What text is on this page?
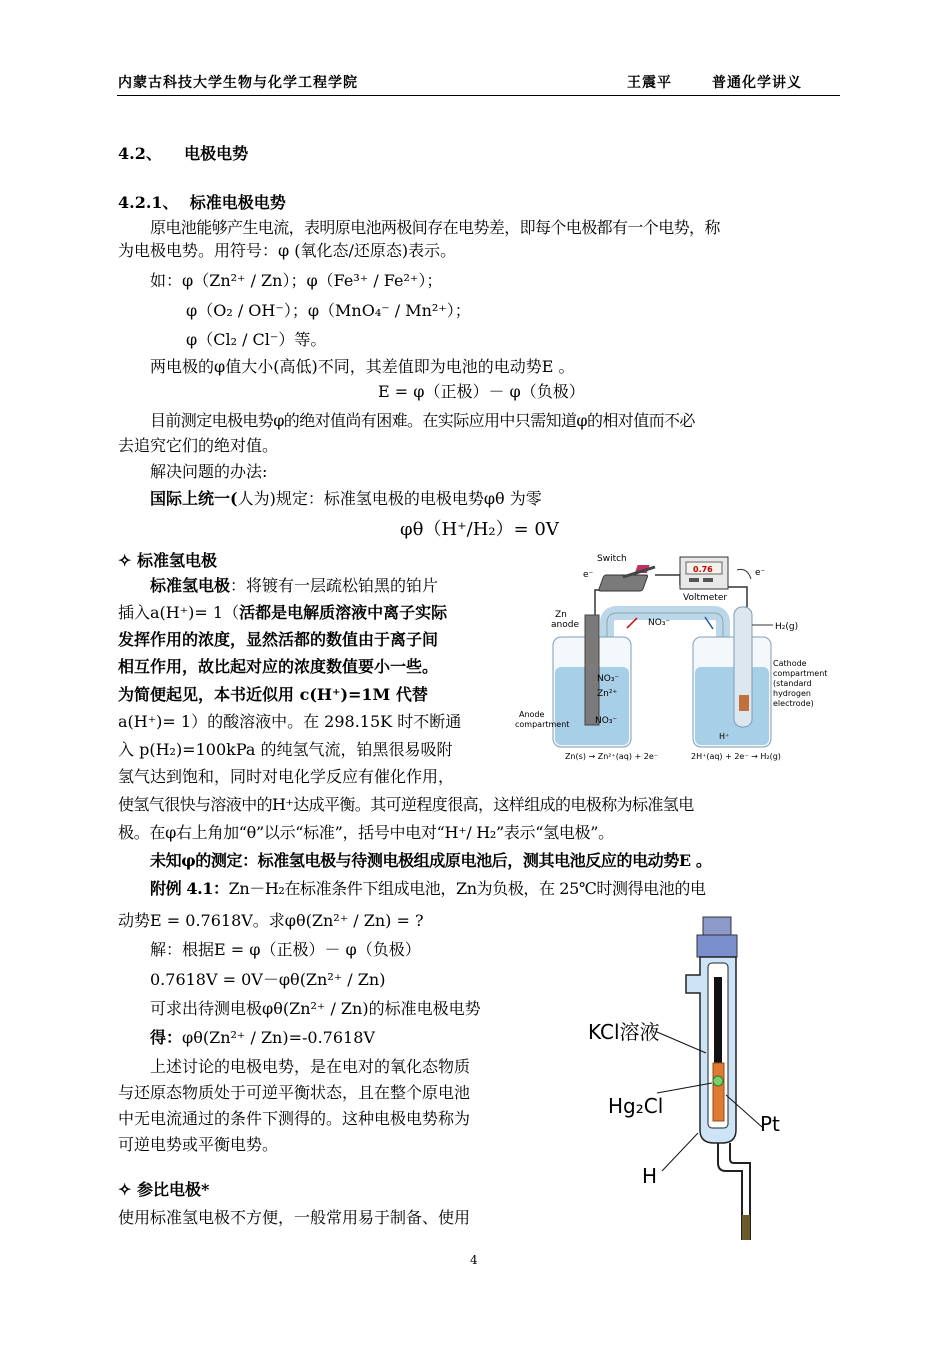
内蒙古科技大学生物与化学工程学院	王震平	普通化学讲义
4.2、 电极电势
4.2.1、 标准电极电势
原电池能够产生电流，表明原电池两极间存在电势差，即每个电极都有一个电势，称
为电极电势。用符号：φ (氧化态/还原态)表示。
如：φ（Zn²⁺ / Zn）；φ（Fe³⁺ / Fe²⁺）；
φ（O₂ / OH⁻）；φ（MnO₄⁻ / Mn²⁺）；
φ（Cl₂ / Cl⁻）等。
两电极的φ值大小(高低)不同，其差值即为电池的电动势E 。
E = φ（正极）－ φ（负极）
目前测定电极电势φ的绝对值尚有困难。在实际应用中只需知道φ的相对值而不必
去追究它们的绝对值。
解决问题的办法:
国际上统一(人为)规定：标准氢电极的电极电势φθ 为零
φθ（H⁺/H₂）= 0V
✧ 标准氢电极
标准氢电极：将镀有一层疏松铂黑的铂片
插入a(H⁺)= 1（活都是电解质溶液中离子实际
发挥作用的浓度，显然活都的数值由于离子间
相互作用，故比起对应的浓度数值要小一些。
为简便起见，本书近似用 c(H⁺)=1M 代替
a(H⁺)= 1）的酸溶液中。在 298.15K 时不断通
入 p(H₂)=100kPa 的纯氢气流，铂黑很易吸附
氢气达到饱和，同时对电化学反应有催化作用，
使氢气很快与溶液中的H⁺达成平衡。其可逆程度很高，这样组成的电极称为标准氢电
极。在φ右上角加“θ”以示“标准”，括号中电对“H⁺/ H₂”表示“氢电极”。
未知φ的测定：标准氢电极与待测电极组成原电池后，测其电池反应的电动势E 。
附例 4.1：Zn－H₂在标准条件下组成电池，Zn为负极，在 25℃时测得电池的电
动势E = 0.7618V。求φθ(Zn²⁺ / Zn) = ?
解：根据E = φ（正极）－ φ（负极）
0.7618V = 0V－φθ(Zn²⁺ / Zn)
可求出待测电极φθ(Zn²⁺ / Zn)的标准电极电势
得：φθ(Zn²⁺ / Zn)=-0.7618V
上述讨论的电极电势，是在电对的氧化态物质
与还原态物质处于可逆平衡状态，且在整个原电池
中无电流通过的条件下测得的。这种电极电势称为
可逆电势或平衡电势。
✧ 参比电极*
使用标准氢电极不方便，一般常用易于制备、使用
4
Switch
0.76
Voltmeter
e⁻	e⁻
NO₃⁻
NO₃⁻
Zn²⁺
NO₃⁻
Zn
anode
H⁺
H₂(g)
Cathode
compartment
(standard
hydrogen
electrode)
Anode
compartment
Zn(s) → Zn²⁺(aq) + 2e⁻	2H⁺(aq) + 2e⁻ → H₂(g)
KCl溶液
Hg₂Cl
Pt
H
